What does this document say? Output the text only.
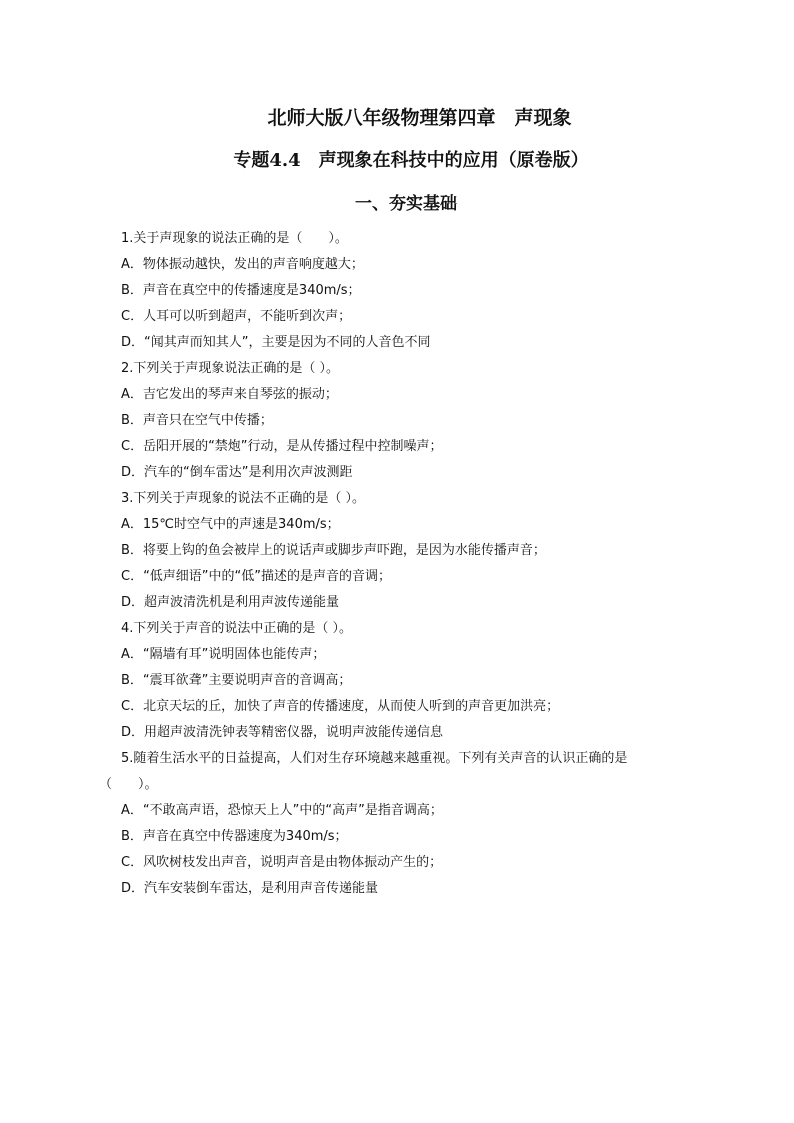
北师大版八年级物理第四章　声现象
专题4.4　声现象在科技中的应用（原卷版）
一、夯实基础
1.关于声现象的说法正确的是（　　）。
A．物体振动越快，发出的声音响度越大；
B．声音在真空中的传播速度是340m/s；
C．人耳可以听到超声，不能听到次声；
D．“闻其声而知其人”，主要是因为不同的人音色不同
2.下列关于声现象说法正确的是（ ）。
A．吉它发出的琴声来自琴弦的振动；
B．声音只在空气中传播；
C．岳阳开展的“禁炮”行动，是从传播过程中控制噪声；
D．汽车的“倒车雷达”是利用次声波测距
3.下列关于声现象的说法不正确的是（ ）。
A．15℃时空气中的声速是340m/s；
B．将要上钩的鱼会被岸上的说话声或脚步声吓跑，是因为水能传播声音；
C．“低声细语”中的“低”描述的是声音的音调；
D．超声波清洗机是利用声波传递能量
4.下列关于声音的说法中正确的是（ ）。
A．“隔墙有耳”说明固体也能传声；
B．“震耳欲聋”主要说明声音的音调高；
C．北京天坛的丘，加快了声音的传播速度，从而使人听到的声音更加洪亮；
D．用超声波清洗钟表等精密仪器，说明声波能传递信息
5.随着生活水平的日益提高，人们对生存环境越来越重视。下列有关声音的认识正确的是
（　　）。
A．“不敢高声语，恐惊天上人”中的“高声”是指音调高；
B．声音在真空中传器速度为340m/s；
C．风吹树枝发出声音，说明声音是由物体振动产生的；
D．汽车安装倒车雷达，是利用声音传递能量
